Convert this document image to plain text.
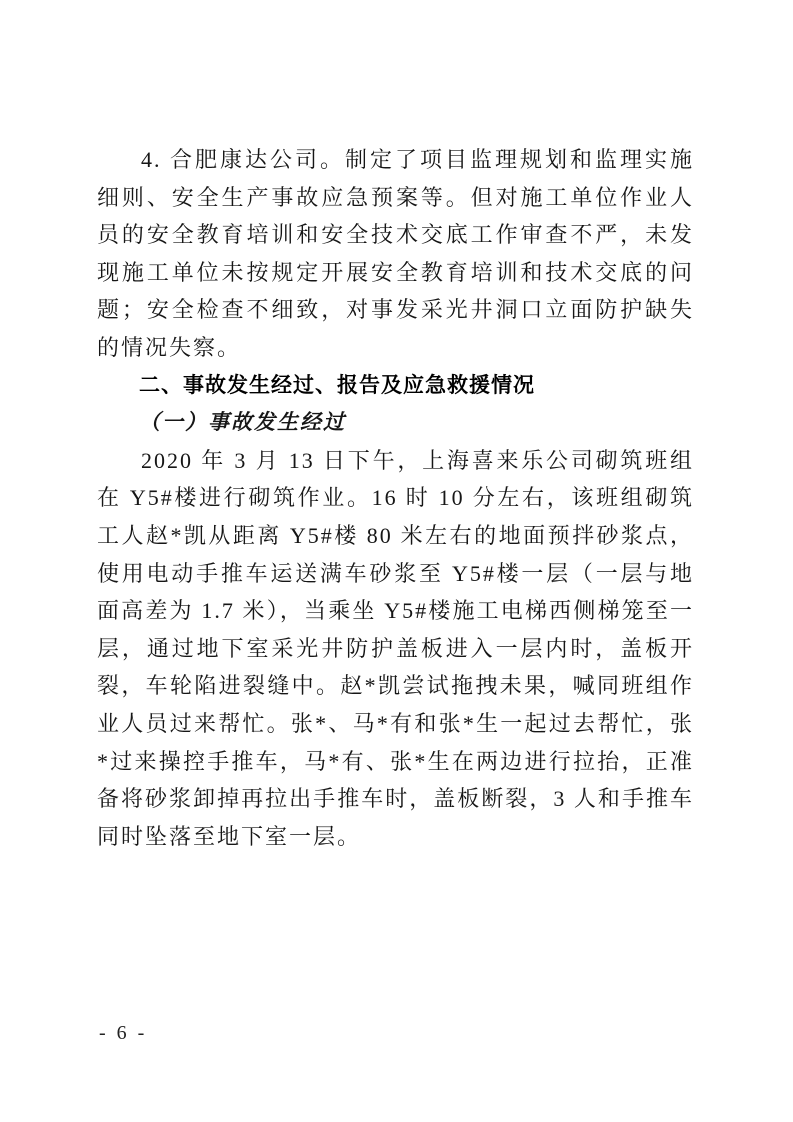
4. 合肥康达公司。制定了项目监理规划和监理实施细则、安全生产事故应急预案等。但对施工单位作业人员的安全教育培训和安全技术交底工作审查不严，未发现施工单位未按规定开展安全教育培训和技术交底的问题；安全检查不细致，对事发采光井洞口立面防护缺失的情况失察。

二、事故发生经过、报告及应急救援情况
（一）事故发生经过

2020 年 3 月 13 日下午，上海喜来乐公司砌筑班组在 Y5#楼进行砌筑作业。16 时 10 分左右，该班组砌筑工人赵*凯从距离 Y5#楼 80 米左右的地面预拌砂浆点，使用电动手推车运送满车砂浆至 Y5#楼一层（一层与地面高差为 1.7 米），当乘坐 Y5#楼施工电梯西侧梯笼至一层，通过地下室采光井防护盖板进入一层内时，盖板开裂，车轮陷进裂缝中。赵*凯尝试拖拽未果，喊同班组作业人员过来帮忙。张*、马*有和张*生一起过去帮忙，张*过来操控手推车，马*有、张*生在两边进行拉抬，正准备将砂浆卸掉再拉出手推车时，盖板断裂，3 人和手推车同时坠落至地下室一层。

- 6 -
